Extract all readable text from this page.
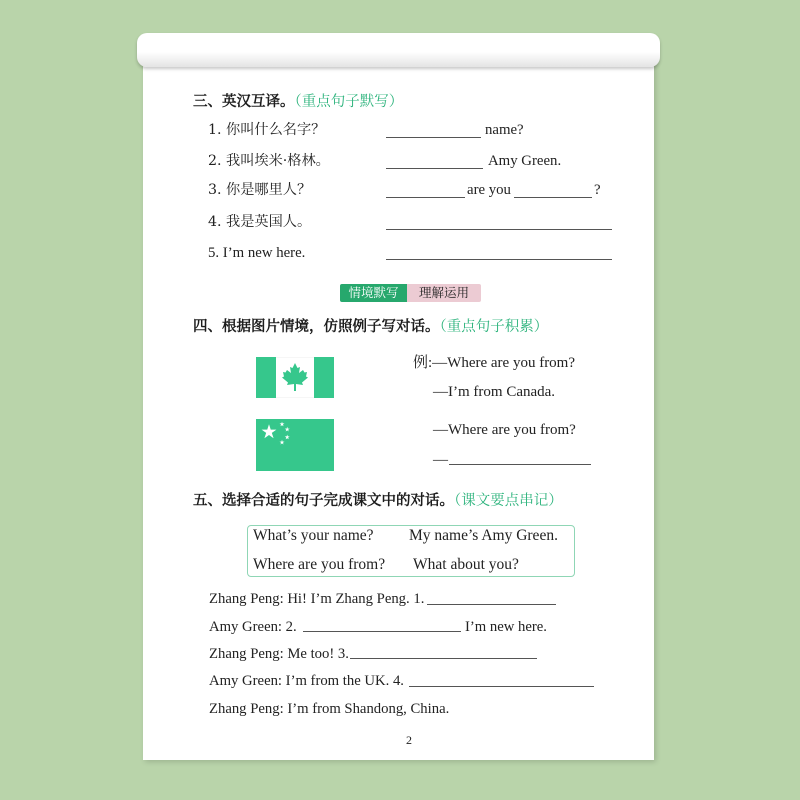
三、英汉互译。（重点句子默写）
1. 你叫什么名字？	name?
2. 我叫埃米·格林。	Amy Green.
3. 你是哪里人？	are you	?
4. 我是英国人。
5. I’m new here.
情境默写 理解运用
四、根据图片情境，仿照例子写对话。（重点句子积累）
例:—Where are you from?
—I’m from Canada.
—Where are you from?
—
五、选择合适的句子完成课文中的对话。（课文要点串记）
What’s your name? My name’s Amy Green.
Where are you from? What about you?
Zhang Peng: Hi! I’m Zhang Peng. 1.
Amy Green: 2.	I’m new here.
Zhang Peng: Me too! 3.
Amy Green: I’m from the UK. 4.
Zhang Peng: I’m from Shandong, China.
2
